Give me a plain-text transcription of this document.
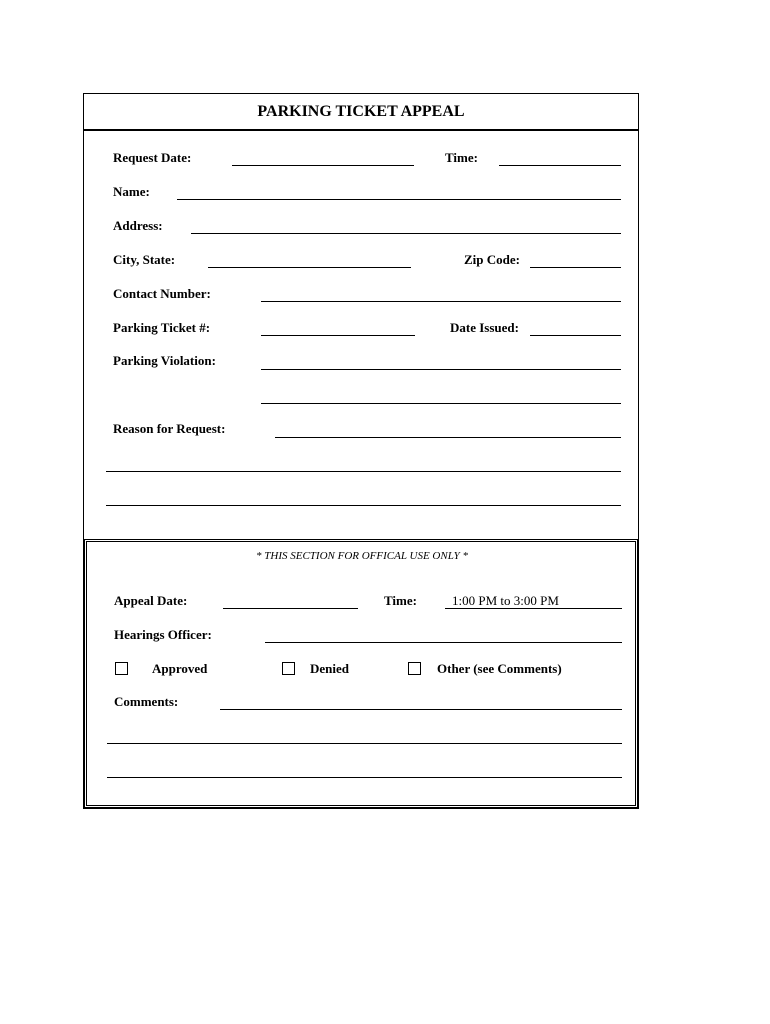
PARKING TICKET APPEAL
Request Date:	Time:
Name:
Address:
City, State:	Zip Code:
Contact Number:
Parking Ticket #:	Date Issued:
Parking Violation:
Reason for Request:
* THIS SECTION FOR OFFICAL USE ONLY *
Appeal Date:	Time:	1:00 PM to 3:00 PM
Hearings Officer:
Approved	Denied	Other (see Comments)
Comments:
